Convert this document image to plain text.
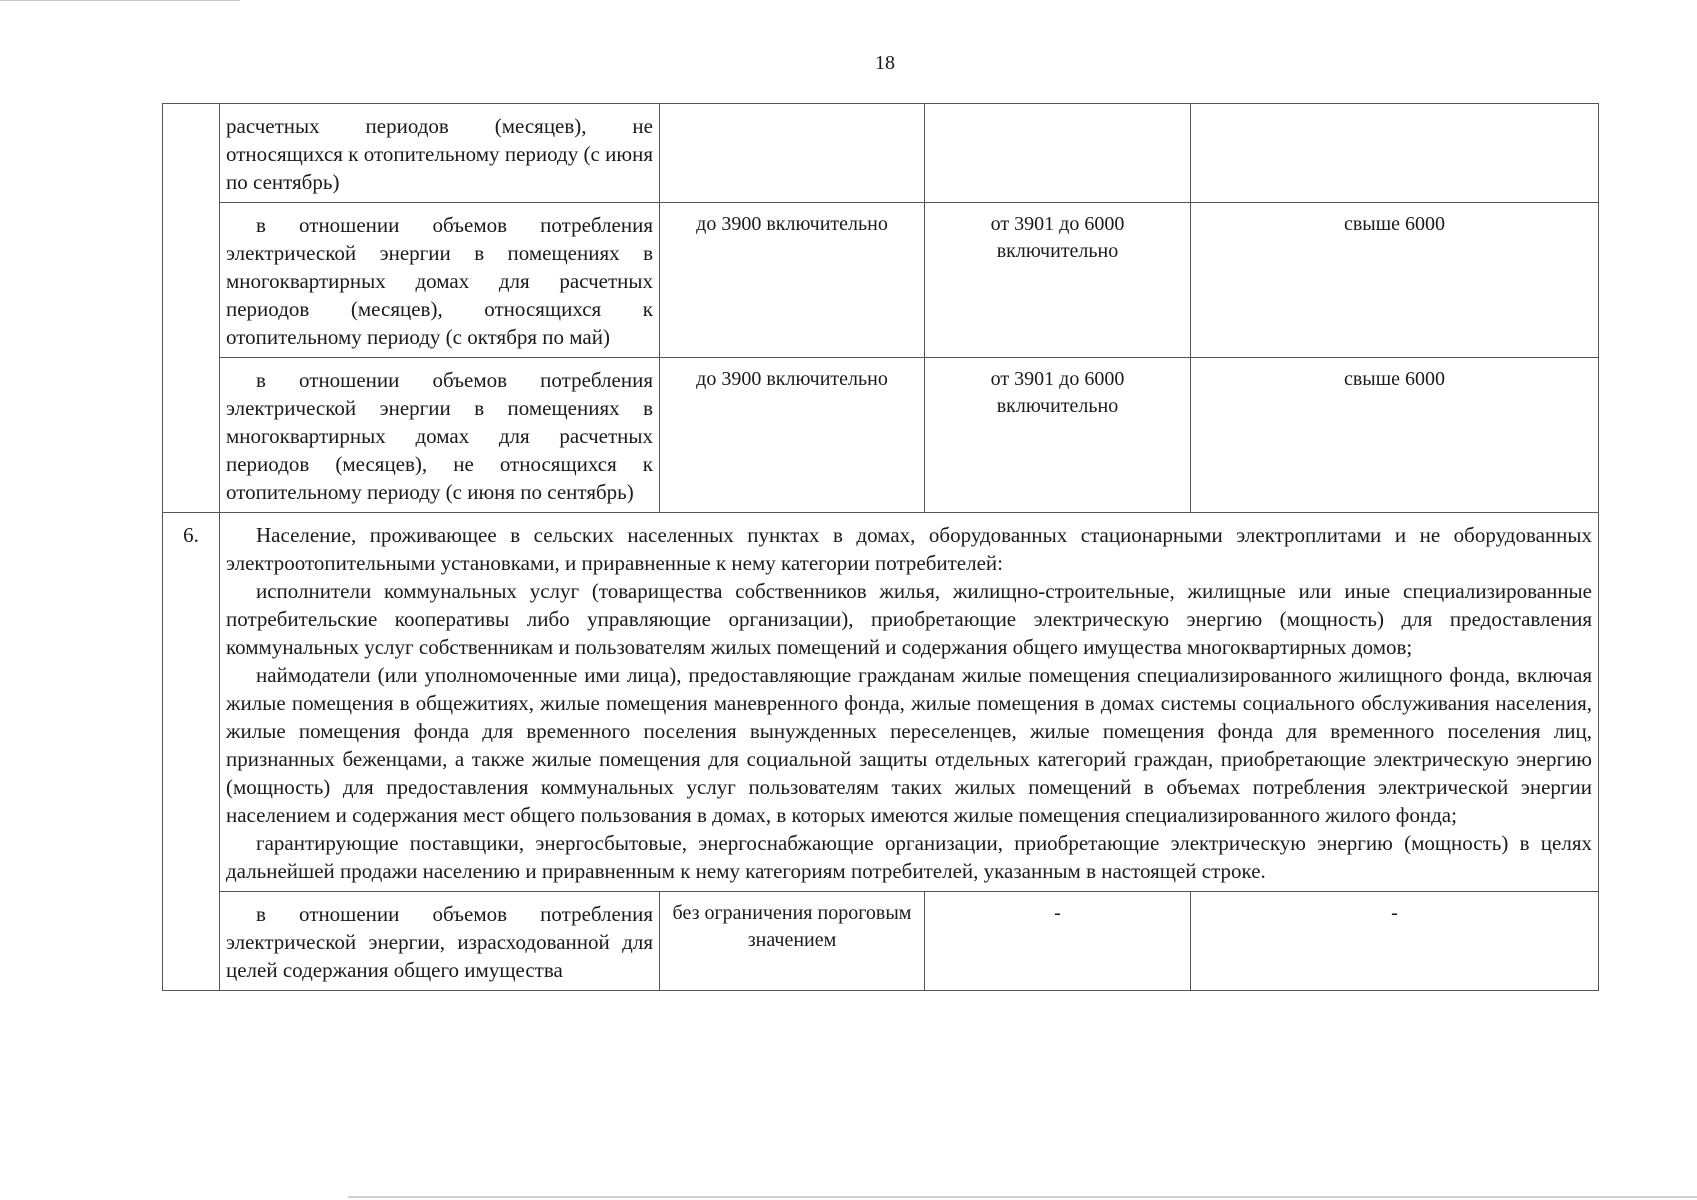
18
	расчетных периодов (месяцев), не относящихся к отопительному периоду (с июня по сентябрь)			
	в отношении объемов потребления электрической энергии в помещениях в многоквартирных домах для расчетных периодов (месяцев), относящихся к отопительному периоду (с октября по май)	до 3900 включительно	от 3901 до 6000 включительно	свыше 6000
	в отношении объемов потребления электрической энергии в помещениях в многоквартирных домах для расчетных периодов (месяцев), не относящихся к отопительному периоду (с июня по сентябрь)	до 3900 включительно	от 3901 до 6000 включительно	свыше 6000
6.	Население, проживающее в сельских населенных пунктах в домах, оборудованных стационарными электроплитами и не оборудованных электроотопительными установками, и приравненные к нему категории потребителей:

исполнители коммунальных услуг (товарищества собственников жилья, жилищно-строительные, жилищные или иные специализированные потребительские кооперативы либо управляющие организации), приобретающие электрическую энергию (мощность) для предоставления коммунальных услуг собственникам и пользователям жилых помещений и содержания общего имущества многоквартирных домов;

наймодатели (или уполномоченные ими лица), предоставляющие гражданам жилые помещения специализированного жилищного фонда, включая жилые помещения в общежитиях, жилые помещения маневренного фонда, жилые помещения в домах системы социального обслуживания населения, жилые помещения фонда для временного поселения вынужденных переселенцев, жилые помещения фонда для временного поселения лиц, признанных беженцами, а также жилые помещения для социальной защиты отдельных категорий граждан, приобретающие электрическую энергию (мощность) для предоставления коммунальных услуг пользователям таких жилых помещений в объемах потребления электрической энергии населением и содержания мест общего пользования в домах, в которых имеются жилые помещения специализированного жилого фонда;

гарантирующие поставщики, энергосбытовые, энергоснабжающие организации, приобретающие электрическую энергию (мощность) в целях дальнейшей продажи населению и приравненным к нему категориям потребителей, указанным в настоящей строке.			

	в отношении объемов потребления электрической энергии, израсходованной для целей содержания общего имущества	без ограничения пороговым значением	-	-
